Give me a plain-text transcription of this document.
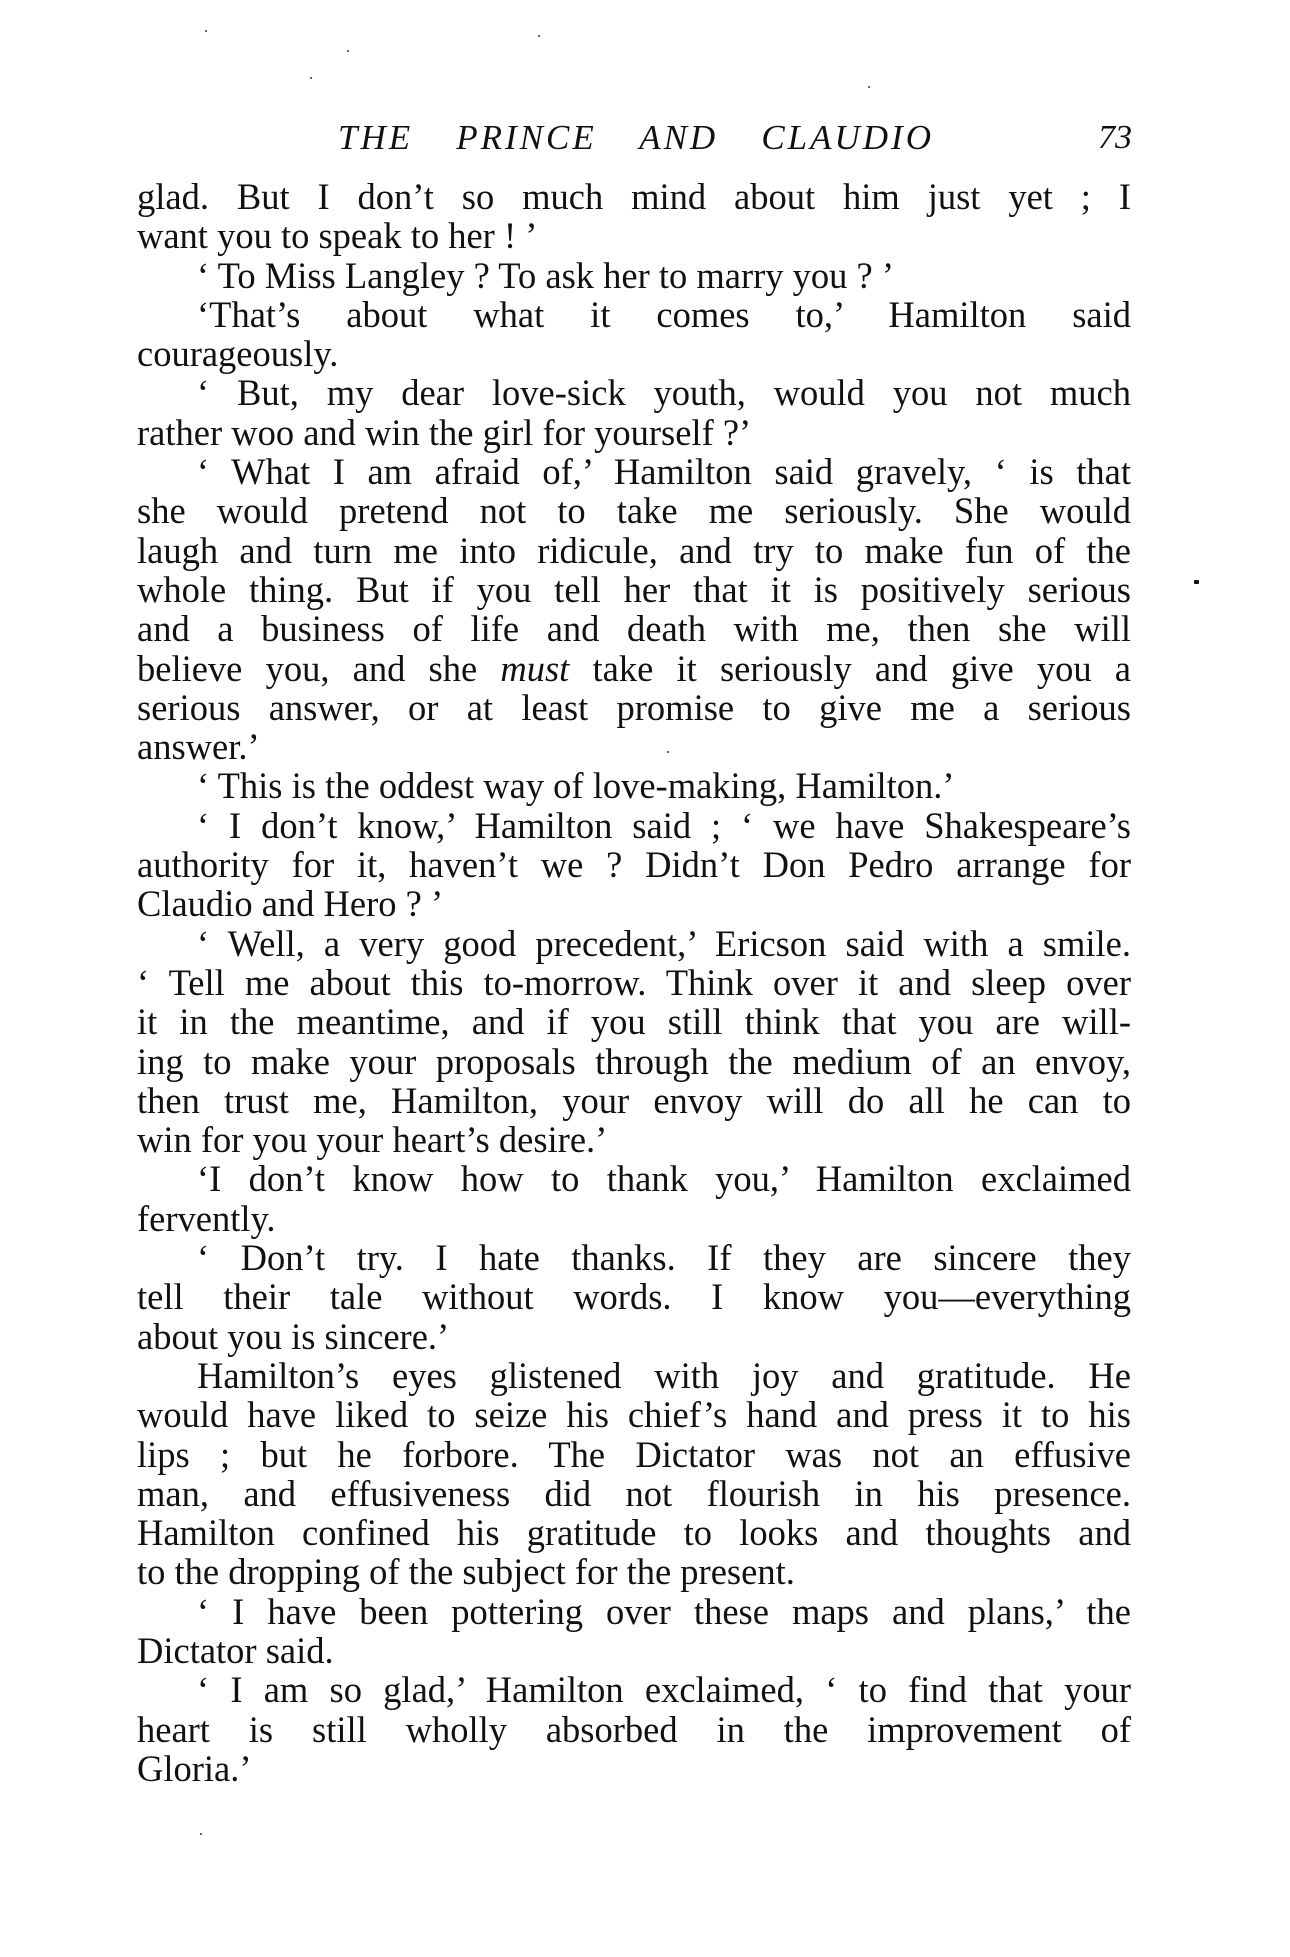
THE PRINCE AND CLAUDIO	73
glad. But I don’t so much mind about him just yet ; I
want you to speak to her ! ’
‘ To Miss Langley ? To ask her to marry you ? ’
‘That’s about what it comes to,’ Hamilton said
courageously.
‘ But, my dear love-sick youth, would you not much
rather woo and win the girl for yourself ?’
‘ What I am afraid of,’ Hamilton said gravely, ‘ is that
she would pretend not to take me seriously. She would
laugh and turn me into ridicule, and try to make fun of the
whole thing. But if you tell her that it is positively serious
and a business of life and death with me, then she will
believe you, and she must take it seriously and give you a
serious answer, or at least promise to give me a serious
answer.’
‘ This is the oddest way of love-making, Hamilton.’
‘ I don’t know,’ Hamilton said ; ‘ we have Shakespeare’s
authority for it, haven’t we ? Didn’t Don Pedro arrange for
Claudio and Hero ? ’
‘ Well, a very good precedent,’ Ericson said with a smile.
‘ Tell me about this to-morrow. Think over it and sleep over
it in the meantime, and if you still think that you are will-
ing to make your proposals through the medium of an envoy,
then trust me, Hamilton, your envoy will do all he can to
win for you your heart’s desire.’
‘I don’t know how to thank you,’ Hamilton exclaimed
fervently.
‘ Don’t try. I hate thanks. If they are sincere they
tell their tale without words. I know you—everything
about you is sincere.’
Hamilton’s eyes glistened with joy and gratitude. He
would have liked to seize his chief’s hand and press it to his
lips ; but he forbore. The Dictator was not an effusive
man, and effusiveness did not flourish in his presence.
Hamilton confined his gratitude to looks and thoughts and
to the dropping of the subject for the present.
‘ I have been pottering over these maps and plans,’ the
Dictator said.
‘ I am so glad,’ Hamilton exclaimed, ‘ to find that your
heart is still wholly absorbed in the improvement of
Gloria.’
